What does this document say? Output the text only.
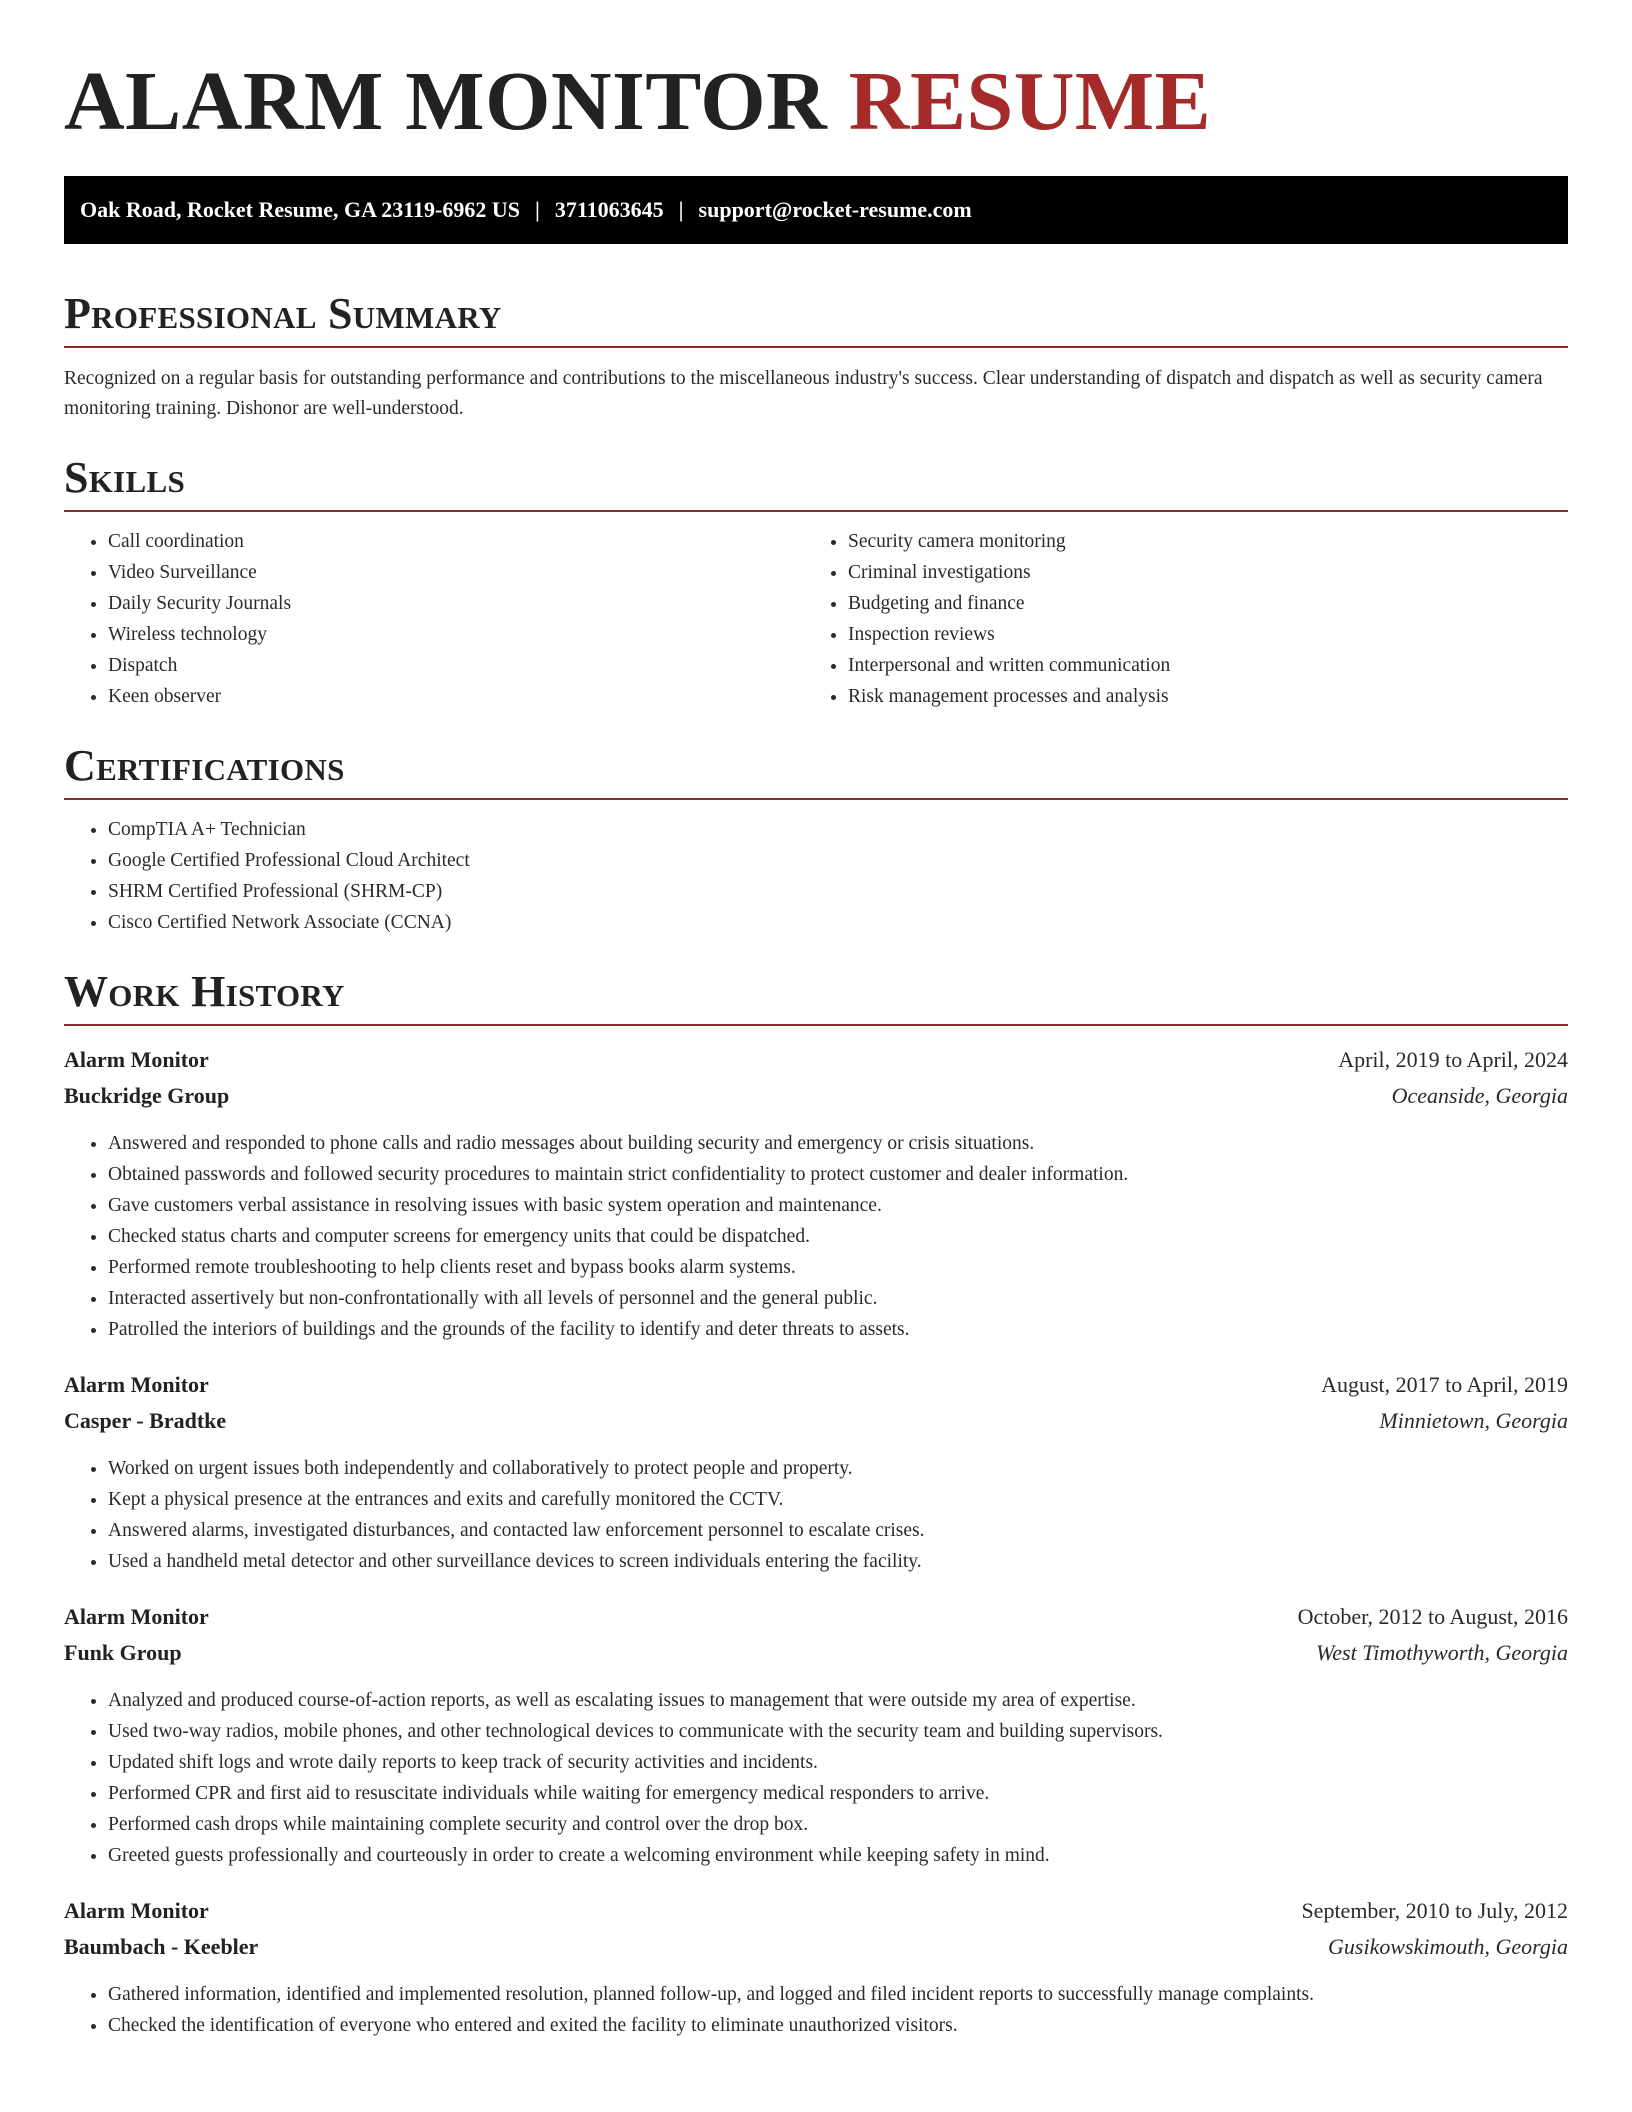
ALARM MONITOR RESUME
Oak Road, Rocket Resume, GA 23119-6962 US | 3711063645 | support@rocket-resume.com
Professional Summary

Recognized on a regular basis for outstanding performance and contributions to the miscellaneous industry's success. Clear understanding of dispatch and dispatch as well as security camera monitoring training. Dishonor are well-understood.

Skills
• Call coordination
• Video Surveillance
• Daily Security Journals
• Wireless technology
• Dispatch
• Keen observer
• Security camera monitoring
• Criminal investigations
• Budgeting and finance
• Inspection reviews
• Interpersonal and written communication
• Risk management processes and analysis
Certifications
• CompTIA A+ Technician
• Google Certified Professional Cloud Architect
• SHRM Certified Professional (SHRM-CP)
• Cisco Certified Network Associate (CCNA)
Work History
Alarm Monitor	April, 2019 to April, 2024
Buckridge Group	Oceanside, Georgia
• Answered and responded to phone calls and radio messages about building security and emergency or crisis situations.
• Obtained passwords and followed security procedures to maintain strict confidentiality to protect customer and dealer information.
• Gave customers verbal assistance in resolving issues with basic system operation and maintenance.
• Checked status charts and computer screens for emergency units that could be dispatched.
• Performed remote troubleshooting to help clients reset and bypass books alarm systems.
• Interacted assertively but non-confrontationally with all levels of personnel and the general public.
• Patrolled the interiors of buildings and the grounds of the facility to identify and deter threats to assets.
Alarm Monitor	August, 2017 to April, 2019
Casper - Bradtke	Minnietown, Georgia
• Worked on urgent issues both independently and collaboratively to protect people and property.
• Kept a physical presence at the entrances and exits and carefully monitored the CCTV.
• Answered alarms, investigated disturbances, and contacted law enforcement personnel to escalate crises.
• Used a handheld metal detector and other surveillance devices to screen individuals entering the facility.
Alarm Monitor	October, 2012 to August, 2016
Funk Group	West Timothyworth, Georgia
• Analyzed and produced course-of-action reports, as well as escalating issues to management that were outside my area of expertise.
• Used two-way radios, mobile phones, and other technological devices to communicate with the security team and building supervisors.
• Updated shift logs and wrote daily reports to keep track of security activities and incidents.
• Performed CPR and first aid to resuscitate individuals while waiting for emergency medical responders to arrive.
• Performed cash drops while maintaining complete security and control over the drop box.
• Greeted guests professionally and courteously in order to create a welcoming environment while keeping safety in mind.
Alarm Monitor	September, 2010 to July, 2012
Baumbach - Keebler	Gusikowskimouth, Georgia
• Gathered information, identified and implemented resolution, planned follow-up, and logged and filed incident reports to successfully manage complaints.
• Checked the identification of everyone who entered and exited the facility to eliminate unauthorized visitors.
